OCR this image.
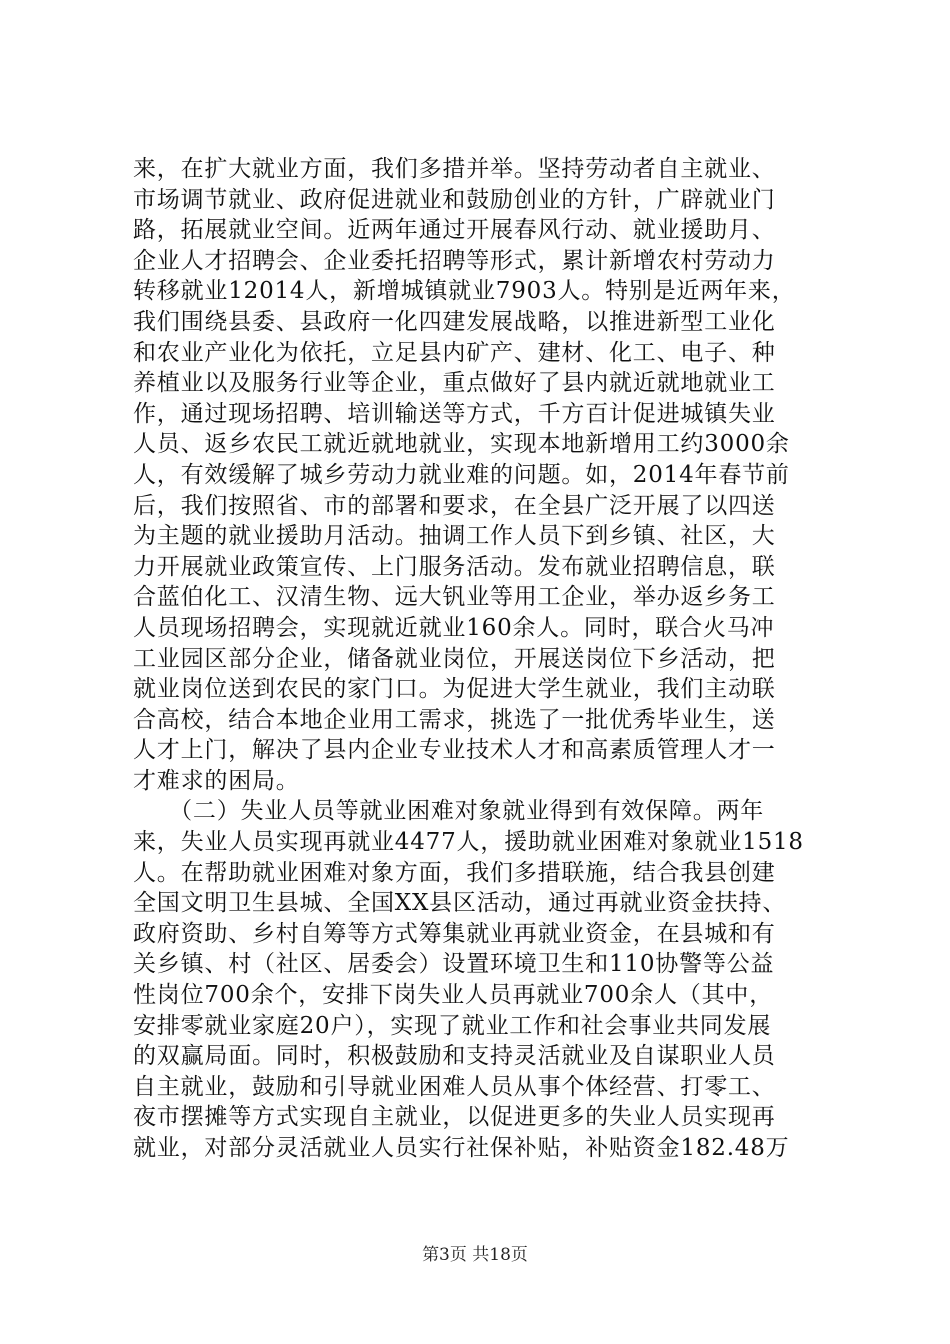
来，在扩大就业方面，我们多措并举。坚持劳动者自主就业、
市场调节就业、政府促进就业和鼓励创业的方针，广辟就业门
路，拓展就业空间。近两年通过开展春风行动、就业援助月、
企业人才招聘会、企业委托招聘等形式，累计新增农村劳动力
转移就业12014人，新增城镇就业7903人。特别是近两年来，
我们围绕县委、县政府一化四建发展战略，以推进新型工业化
和农业产业化为依托，立足县内矿产、建材、化工、电子、种
养植业以及服务行业等企业，重点做好了县内就近就地就业工
作，通过现场招聘、培训输送等方式，千方百计促进城镇失业
人员、返乡农民工就近就地就业，实现本地新增用工约3000余
人，有效缓解了城乡劳动力就业难的问题。如，2014年春节前
后，我们按照省、市的部署和要求，在全县广泛开展了以四送
为主题的就业援助月活动。抽调工作人员下到乡镇、社区，大
力开展就业政策宣传、上门服务活动。发布就业招聘信息，联
合蓝伯化工、汉清生物、远大钒业等用工企业，举办返乡务工
人员现场招聘会，实现就近就业160余人。同时，联合火马冲
工业园区部分企业，储备就业岗位，开展送岗位下乡活动，把
就业岗位送到农民的家门口。为促进大学生就业，我们主动联
合高校，结合本地企业用工需求，挑选了一批优秀毕业生，送
人才上门，解决了县内企业专业技术人才和高素质管理人才一
才难求的困局。
　　（二）失业人员等就业困难对象就业得到有效保障。两年
来，失业人员实现再就业4477人，援助就业困难对象就业1518
人。在帮助就业困难对象方面，我们多措联施，结合我县创建
全国文明卫生县城、全国XX县区活动，通过再就业资金扶持、
政府资助、乡村自筹等方式筹集就业再就业资金，在县城和有
关乡镇、村（社区、居委会）设置环境卫生和110协警等公益
性岗位700余个，安排下岗失业人员再就业700余人（其中，
安排零就业家庭20户），实现了就业工作和社会事业共同发展
的双赢局面。同时，积极鼓励和支持灵活就业及自谋职业人员
自主就业，鼓励和引导就业困难人员从事个体经营、打零工、
夜市摆摊等方式实现自主就业，以促进更多的失业人员实现再
就业，对部分灵活就业人员实行社保补贴，补贴资金182.48万
第3页 共18页
